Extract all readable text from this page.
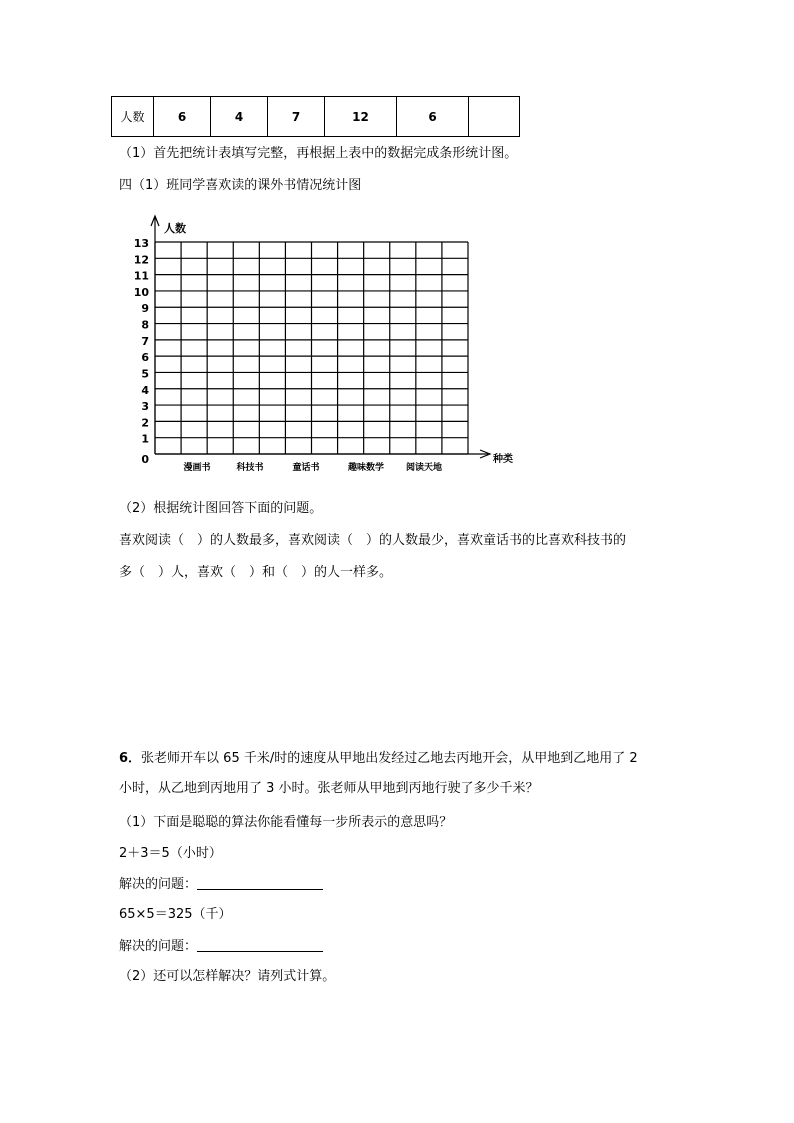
人数	6	4	7	12	6	
（1）首先把统计表填写完整，再根据上表中的数据完成条形统计图。
四（1）班同学喜欢读的课外书情况统计图
0
1
2
3
4
5
6
7
8
9
10
11
12
13
漫画书	科技书	童话书	趣味数学 阅读天地
人数
种类
（2）根据统计图回答下面的问题。
喜欢阅读（　）的人数最多，喜欢阅读（　）的人数最少，喜欢童话书的比喜欢科技书的
多（　）人，喜欢（　）和（　）的人一样多。
6．张老师开车以 65 千米/时的速度从甲地出发经过乙地去丙地开会，从甲地到乙地用了 2
小时，从乙地到丙地用了 3 小时。张老师从甲地到丙地行驶了多少千米？
（1）下面是聪聪的算法你能看懂每一步所表示的意思吗？
2＋3＝5（小时）
解决的问题：
65×5＝325（千）
解决的问题：
（2）还可以怎样解决？请列式计算。
